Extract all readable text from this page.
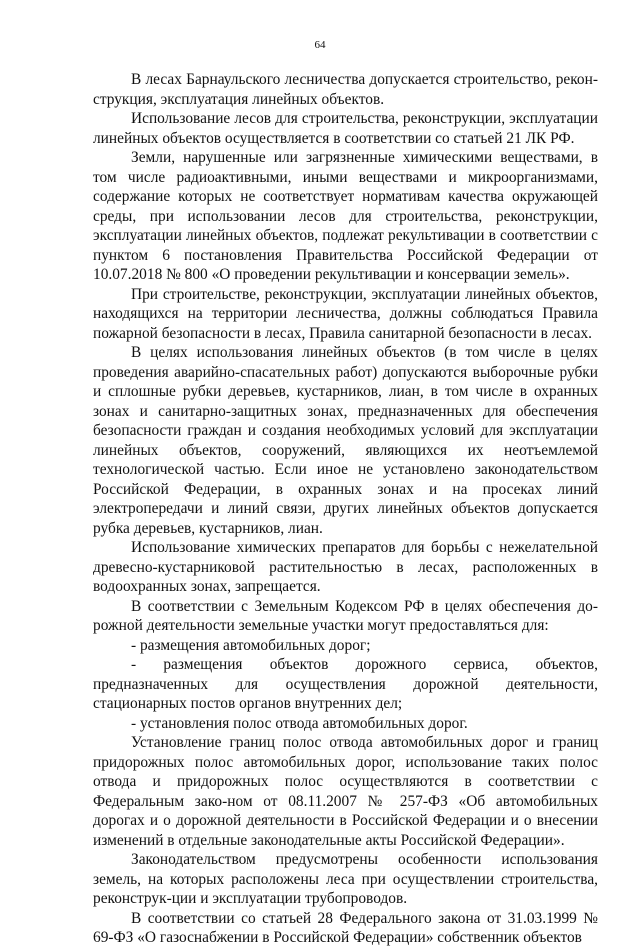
64

В лесах Барнаульского лесничества допускается строительство, рекон-струкция, эксплуатация линейных объектов.

Использование лесов для строительства, реконструкции, эксплуатации линейных объектов осуществляется в соответствии со статьей 21 ЛК РФ.

Земли, нарушенные или загрязненные химическими веществами, в том числе радиоактивными, иными веществами и микроорганизмами, содержание которых не соответствует нормативам качества окружающей среды, при использовании лесов для строительства, реконструкции, эксплуатации линейных объектов, подлежат рекультивации в соответствии с пунктом 6 постановления Правительства Российской Федерации от 10.07.2018 № 800 «О проведении рекультивации и консервации земель».

При строительстве, реконструкции, эксплуатации линейных объектов, находящихся на территории лесничества, должны соблюдаться Правила пожарной безопасности в лесах, Правила санитарной безопасности в лесах.

В целях использования линейных объектов (в том числе в целях проведения аварийно-спасательных работ) допускаются выборочные рубки и сплошные рубки деревьев, кустарников, лиан, в том числе в охранных зонах и санитарно-защитных зонах, предназначенных для обеспечения безопасности граждан и создания необходимых условий для эксплуатации линейных объектов, сооружений, являющихся их неотъемлемой технологической частью. Если иное не установлено законодательством Российской Федерации, в охранных зонах и на просеках линий электропередачи и линий связи, других линейных объектов допускается рубка деревьев, кустарников, лиан.

Использование химических препаратов для борьбы с нежелательной древесно-кустарниковой растительностью в лесах, расположенных в водоохранных зонах, запрещается.

В соответствии с Земельным Кодексом РФ в целях обеспечения до-рожной деятельности земельные участки могут предоставляться для:

- размещения автомобильных дорог;

- размещения объектов дорожного сервиса, объектов, предназначенных для осуществления дорожной деятельности, стационарных постов органов внутренних дел;

- установления полос отвода автомобильных дорог.

Установление границ полос отвода автомобильных дорог и границ придорожных полос автомобильных дорог, использование таких полос отвода и придорожных полос осуществляются в соответствии с Федеральным зако-ном от 08.11.2007 № 257-ФЗ «Об автомобильных дорогах и о дорожной деятельности в Российской Федерации и о внесении изменений в отдельные законодательные акты Российской Федерации».

Законодательством предусмотрены особенности использования земель, на которых расположены леса при осуществлении строительства, реконструк-ции и эксплуатации трубопроводов.

В соответствии со статьей 28 Федерального закона от 31.03.1999 № 69-ФЗ «О газоснабжении в Российской Федерации» собственник объектов
